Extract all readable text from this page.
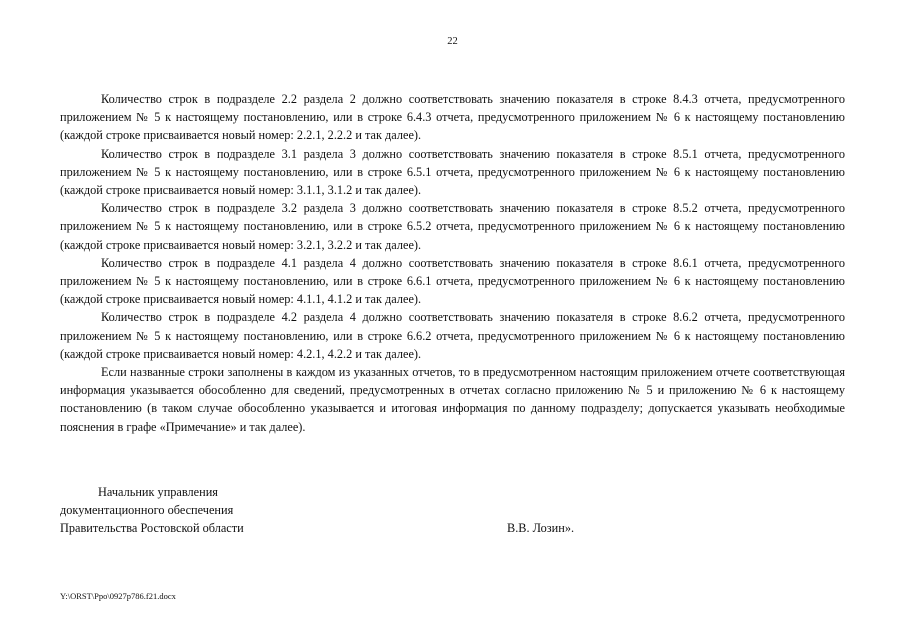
22

Количество строк в подразделе 2.2 раздела 2 должно соответствовать значению показателя в строке 8.4.3 отчета, предусмотренного приложением № 5 к настоящему постановлению, или в строке 6.4.3 отчета, предусмотренного приложением № 6 к настоящему постановлению (каждой строке присваивается новый номер: 2.2.1, 2.2.2 и так далее).

Количество строк в подразделе 3.1 раздела 3 должно соответствовать значению показателя в строке 8.5.1 отчета, предусмотренного приложением № 5 к настоящему постановлению, или в строке 6.5.1 отчета, предусмотренного приложением № 6 к настоящему постановлению (каждой строке присваивается новый номер: 3.1.1, 3.1.2 и так далее).

Количество строк в подразделе 3.2 раздела 3 должно соответствовать значению показателя в строке 8.5.2 отчета, предусмотренного приложением № 5 к настоящему постановлению, или в строке 6.5.2 отчета, предусмотренного приложением № 6 к настоящему постановлению (каждой строке присваивается новый номер: 3.2.1, 3.2.2 и так далее).

Количество строк в подразделе 4.1 раздела 4 должно соответствовать значению показателя в строке 8.6.1 отчета, предусмотренного приложением № 5 к настоящему постановлению, или в строке 6.6.1 отчета, предусмотренного приложением № 6 к настоящему постановлению (каждой строке присваивается новый номер: 4.1.1, 4.1.2 и так далее).

Количество строк в подразделе 4.2 раздела 4 должно соответствовать значению показателя в строке 8.6.2 отчета, предусмотренного приложением № 5 к настоящему постановлению, или в строке 6.6.2 отчета, предусмотренного приложением № 6 к настоящему постановлению (каждой строке присваивается новый номер: 4.2.1, 4.2.2 и так далее).

Если названные строки заполнены в каждом из указанных отчетов, то в предусмотренном настоящим приложением отчете соответствующая информация указывается обособленно для сведений, предусмотренных в отчетах согласно приложению № 5 и приложению № 6 к настоящему постановлению (в таком случае обособленно указывается и итоговая информация по данному подразделу; допускается указывать необходимые пояснения в графе «Примечание» и так далее).

Начальник управления
документационного обеспечения
Правительства Ростовской области	В.В. Лозин».
Y:\ORST\Ppo\0927p786.f21.docx
